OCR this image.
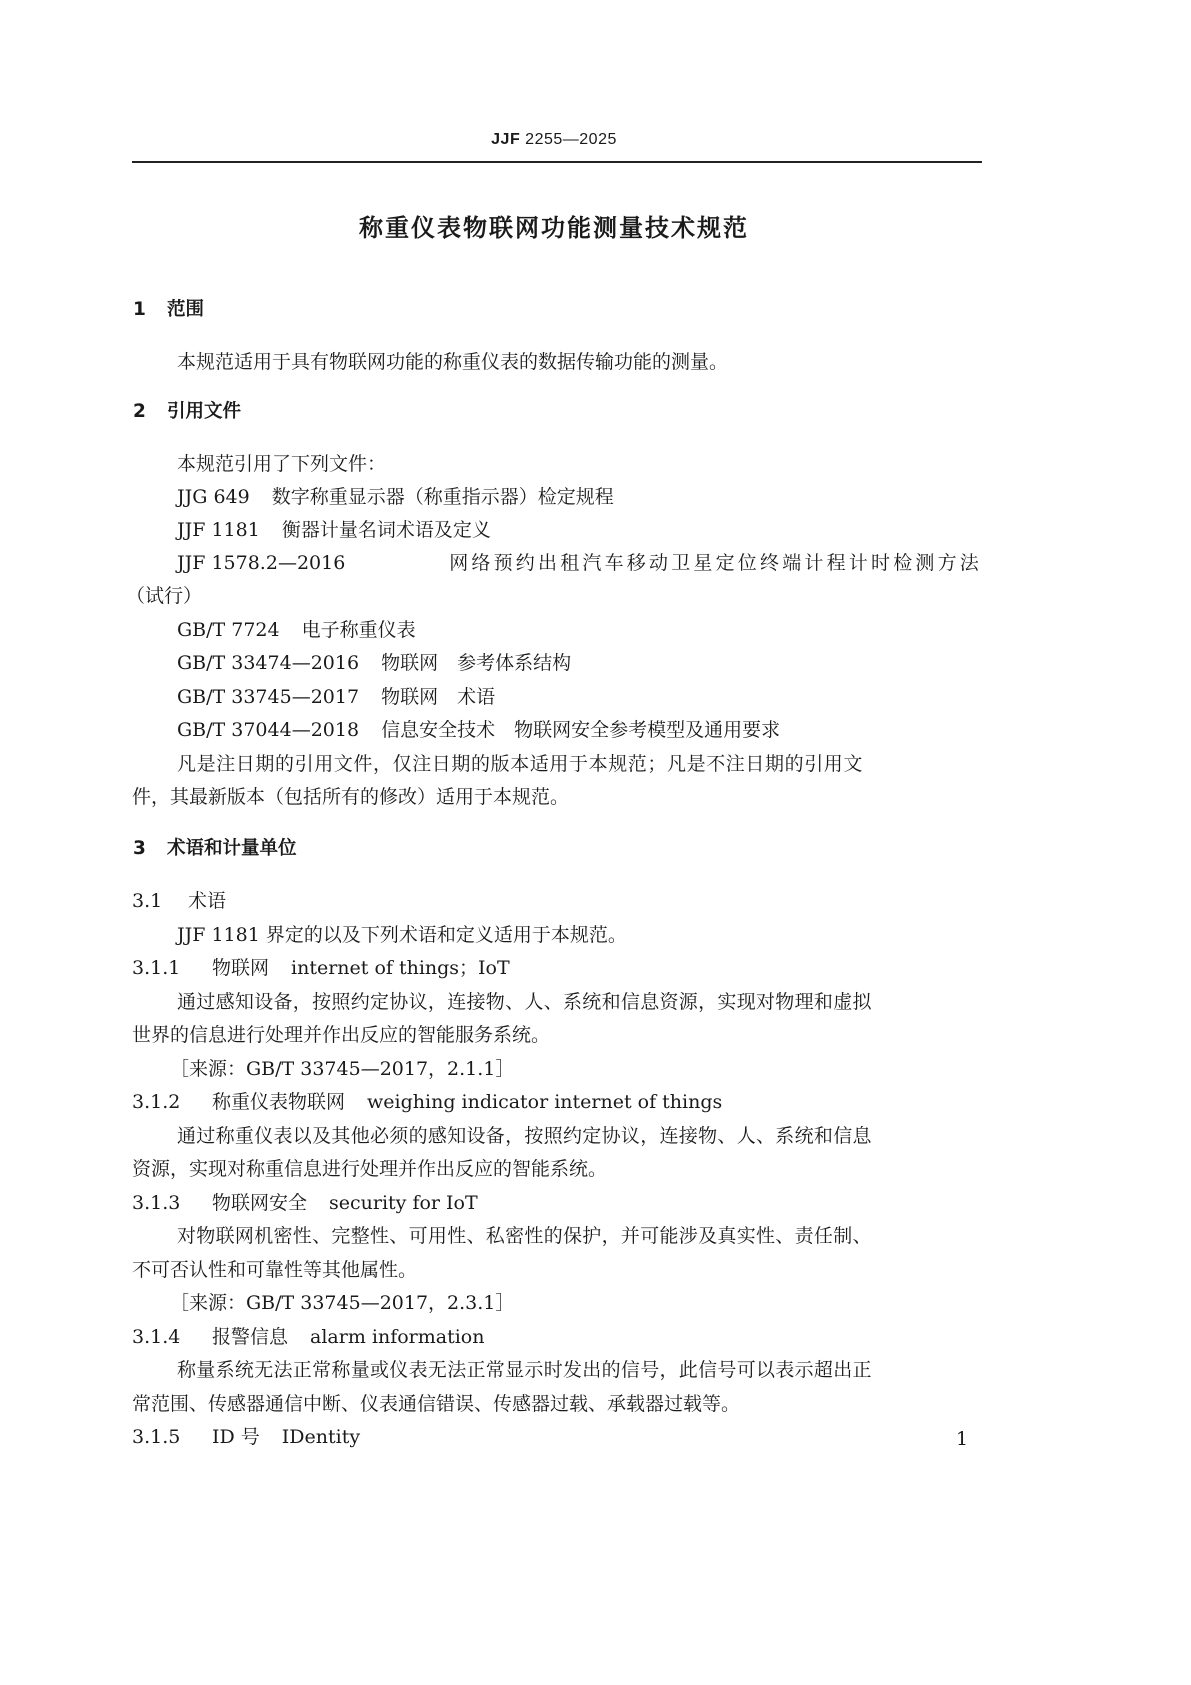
JJF 2255—2025
称重仪表物联网功能测量技术规范
1 范围
本规范适用于具有物联网功能的称重仪表的数据传输功能的测量。
2 引用文件
本规范引用了下列文件：
JJG 649 数字称重显示器（称重指示器）检定规程
JJF 1181 衡器计量名词术语及定义
JJF 1578.2—2016	网络预约出租汽车移动卫星定位终端计程计时检测方法
（试行）
GB/T 7724 电子称重仪表
GB/T 33474—2016 物联网　参考体系结构
GB/T 33745—2017 物联网　术语
GB/T 37044—2018 信息安全技术　物联网安全参考模型及通用要求
凡是注日期的引用文件，仅注日期的版本适用于本规范；凡是不注日期的引用文
件，其最新版本（包括所有的修改）适用于本规范。
3 术语和计量单位
3.1 术语
JJF 1181 界定的以及下列术语和定义适用于本规范。
3.1.1 物联网 internet of things；IoT
通过感知设备，按照约定协议，连接物、人、系统和信息资源，实现对物理和虚拟
世界的信息进行处理并作出反应的智能服务系统。
［来源：GB/T 33745—2017，2.1.1］
3.1.2 称重仪表物联网 weighing indicator internet of things
通过称重仪表以及其他必须的感知设备，按照约定协议，连接物、人、系统和信息
资源，实现对称重信息进行处理并作出反应的智能系统。
3.1.3 物联网安全 security for IoT
对物联网机密性、完整性、可用性、私密性的保护，并可能涉及真实性、责任制、
不可否认性和可靠性等其他属性。
［来源：GB/T 33745—2017，2.3.1］
3.1.4 报警信息 alarm information
称量系统无法正常称量或仪表无法正常显示时发出的信号，此信号可以表示超出正
常范围、传感器通信中断、仪表通信错误、传感器过载、承载器过载等。
3.1.5 ID 号 IDentity	1
